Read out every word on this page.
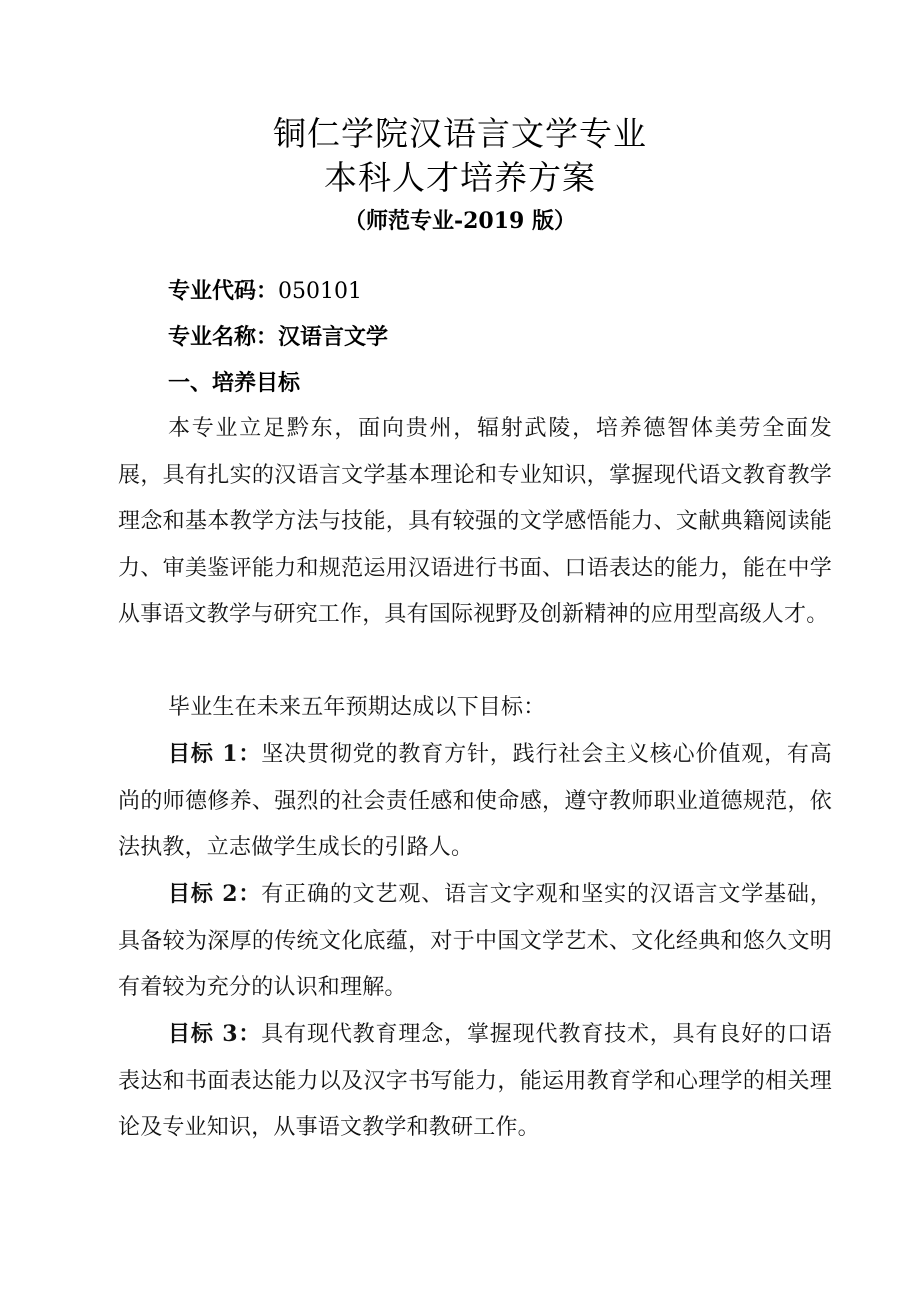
铜仁学院汉语言文学专业
本科人才培养方案
（师范专业-2019 版）
专业代码：050101
专业名称：汉语言文学
一、培养目标
本专业立足黔东，面向贵州，辐射武陵，培养德智体美劳全面发展，具有扎实的汉语言文学基本理论和专业知识，掌握现代语文教育教学理念和基本教学方法与技能，具有较强的文学感悟能力、文献典籍阅读能力、审美鉴评能力和规范运用汉语进行书面、口语表达的能力，能在中学从事语文教学与研究工作，具有国际视野及创新精神的应用型高级人才。
毕业生在未来五年预期达成以下目标：
目标 1：坚决贯彻党的教育方针，践行社会主义核心价值观，有高尚的师德修养、强烈的社会责任感和使命感，遵守教师职业道德规范，依法执教，立志做学生成长的引路人。
目标 2：有正确的文艺观、语言文字观和坚实的汉语言文学基础，具备较为深厚的传统文化底蕴，对于中国文学艺术、文化经典和悠久文明有着较为充分的认识和理解。
目标 3：具有现代教育理念，掌握现代教育技术，具有良好的口语表达和书面表达能力以及汉字书写能力，能运用教育学和心理学的相关理论及专业知识，从事语文教学和教研工作。
